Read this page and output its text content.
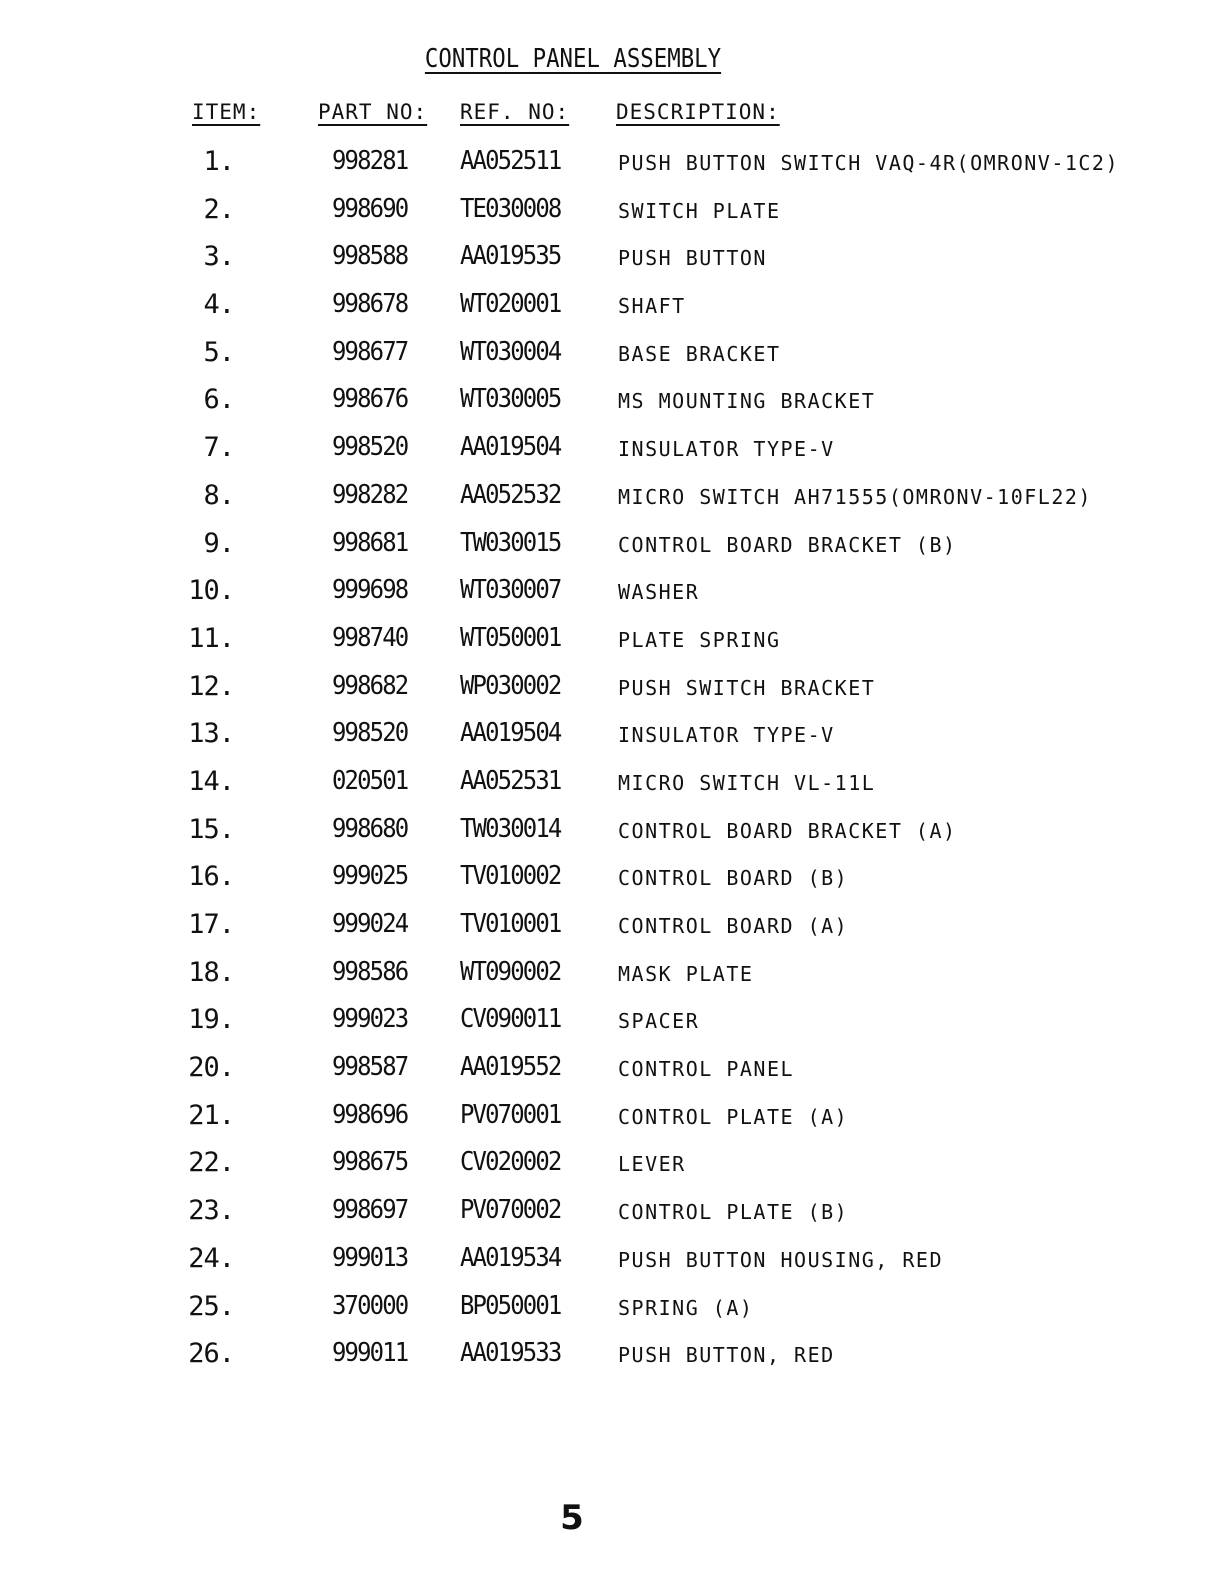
CONTROL PANEL ASSEMBLY
ITEM:	PART NO: REF. NO: DESCRIPTION:
1.	998281 AA052511	PUSH BUTTON SWITCH VAQ-4R(OMRONV-1C2)
2.	998690 TE030008	SWITCH PLATE
3.	998588 AA019535	PUSH BUTTON
4.	998678 WT020001	SHAFT
5.	998677 WT030004	BASE BRACKET
6.	998676 WT030005	MS MOUNTING BRACKET
7.	998520 AA019504	INSULATOR TYPE-V
8.	998282 AA052532	MICRO SWITCH AH71555(OMRONV-10FL22)
9.	998681 TW030015	CONTROL BOARD BRACKET (B)
10.	999698 WT030007	WASHER
11.	998740 WT050001	PLATE SPRING
12.	998682 WP030002	PUSH SWITCH BRACKET
13.	998520 AA019504	INSULATOR TYPE-V
14.	020501 AA052531	MICRO SWITCH VL-11L
15.	998680 TW030014	CONTROL BOARD BRACKET (A)
16.	999025 TV010002	CONTROL BOARD (B)
17.	999024 TV010001	CONTROL BOARD (A)
18.	998586 WT090002	MASK PLATE
19.	999023 CV090011	SPACER
20.	998587 AA019552	CONTROL PANEL
21.	998696 PV070001	CONTROL PLATE (A)
22.	998675 CV020002	LEVER
23.	998697 PV070002	CONTROL PLATE (B)
24.	999013 AA019534	PUSH BUTTON HOUSING, RED
25.	370000 BP050001	SPRING (A)
26.	999011 AA019533	PUSH BUTTON, RED
5
